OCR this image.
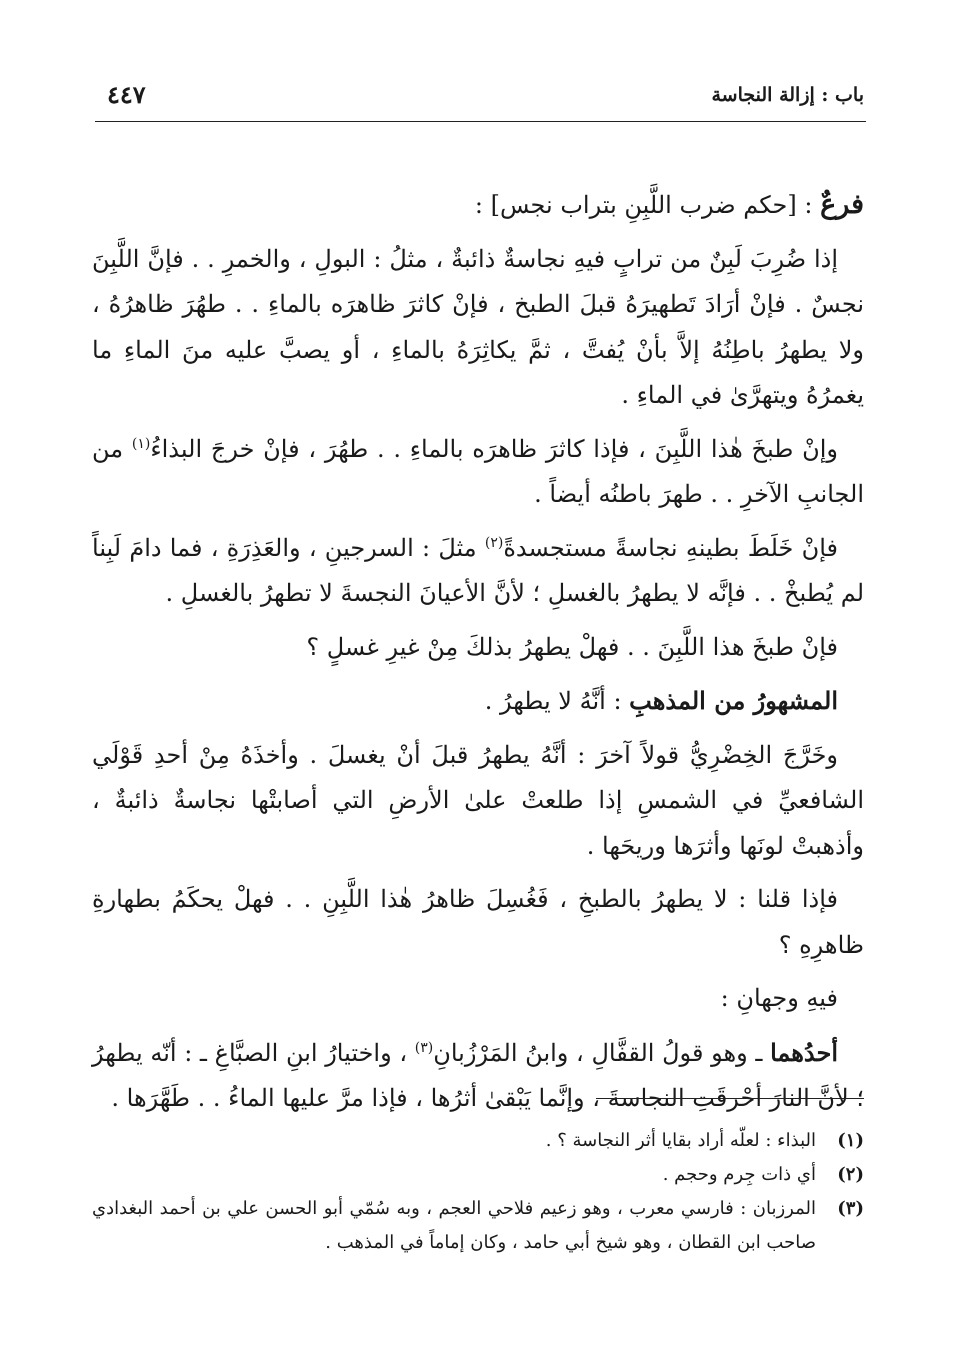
باب : إزالة النجاسة
٤٤٧

فرعٌ : [حكم ضرب اللَّبِنِ بتراب نجس] :

إذا ضُرِبَ لَبِنٌ من ترابٍ فيهِ نجاسةٌ ذائبةٌ ، مثلُ : البولِ ، والخمرِ . . فإنَّ اللَّبِنَ نجسٌ . فإنْ أرَادَ تَطهيرَهُ قبلَ الطبخ ، فإنْ كاثرَ ظاهرَه بالماءِ . . طهُرَ ظاهرُهُ ، ولا يطهرُ باطِنُهُ إلاَّ بأنْ يُفتَّ ، ثمَّ يكاثِرَهُ بالماءِ ، أو يصبَّ عليه منَ الماءِ ما يغمرُهُ ويتهرَّىٰ في الماءِ .

وإنْ طبخَ هٰذا اللَّبِنَ ، فإذا كاثرَ ظاهرَه بالماءِ . . طهُرَ ، فإنْ خرجَ البذاءُ$^{(١)}$ من الجانبِ الآخرِ . . طهرَ باطنُه أيضاً .

فإنْ خَلَطَ بطينهِ نجاسةً مستجسدةً$^{(٢)}$ مثلَ : السرجينِ ، والعَذِرَةِ ، فما دامَ لَبِناً لم يُطبخْ . . فإنَّه لا يطهرُ بالغسلِ ؛ لأنَّ الأعيانَ النجسةَ لا تطهرُ بالغسلِ .

فإنْ طبخَ هذا اللَّبِنَ . . فهلْ يطهرُ بذلكَ مِنْ غيرِ غسلٍ ؟

المشهورُ من المذهبِ : أنَّهُ لا يطهرُ .

وخَرَّجَ الخِضْرِيُّ قولاً آخرَ : أنَّهُ يطهرُ قبلَ أنْ يغسلَ . وأخذَهُ مِنْ أحدِ قَوْلَي الشافعيِّ في الشمسِ إذا طلعتْ علىٰ الأرضِ التي أصابتْها نجاسةٌ ذائبةٌ ، وأذهبتْ لونَها وأثرَها وريحَها .

فإذا قلنا : لا يطهرُ بالطبخِ ، فَغُسِلَ ظاهرُ هٰذا اللَّبِنِ . . فهلْ يحكَمُ بطهارةِ ظاهرِهِ ؟

فيهِ وجهانِ :

أحدُهما ـ وهو قولُ القفَّالِ ، وابنُ المَرْزُبانِ$^{(٣)}$ ، واختيارُ ابنِ الصبَّاغِ ـ : أنّه يطهرُ ؛ لأنَّ النارَ أحْرقَتِ النجاسةَ ، وإنَّما يَبْقىٰ أثرُها ، فإذا مرَّ عليها الماءُ . . طَهَّرَها .

(١)
البذاء : لعلّه أراد بقايا أثر النجاسة ؟ .
(٢)
أي ذات جِرم وحجم .
(٣)
المرزبان : فارسي معرب ، وهو زعيم فلاحي العجم ، وبه سُمّي أبو الحسن علي بن أحمد البغدادي صاحب ابن القطان ، وهو شيخ أبي حامد ، وكان إماماً في المذهب .
